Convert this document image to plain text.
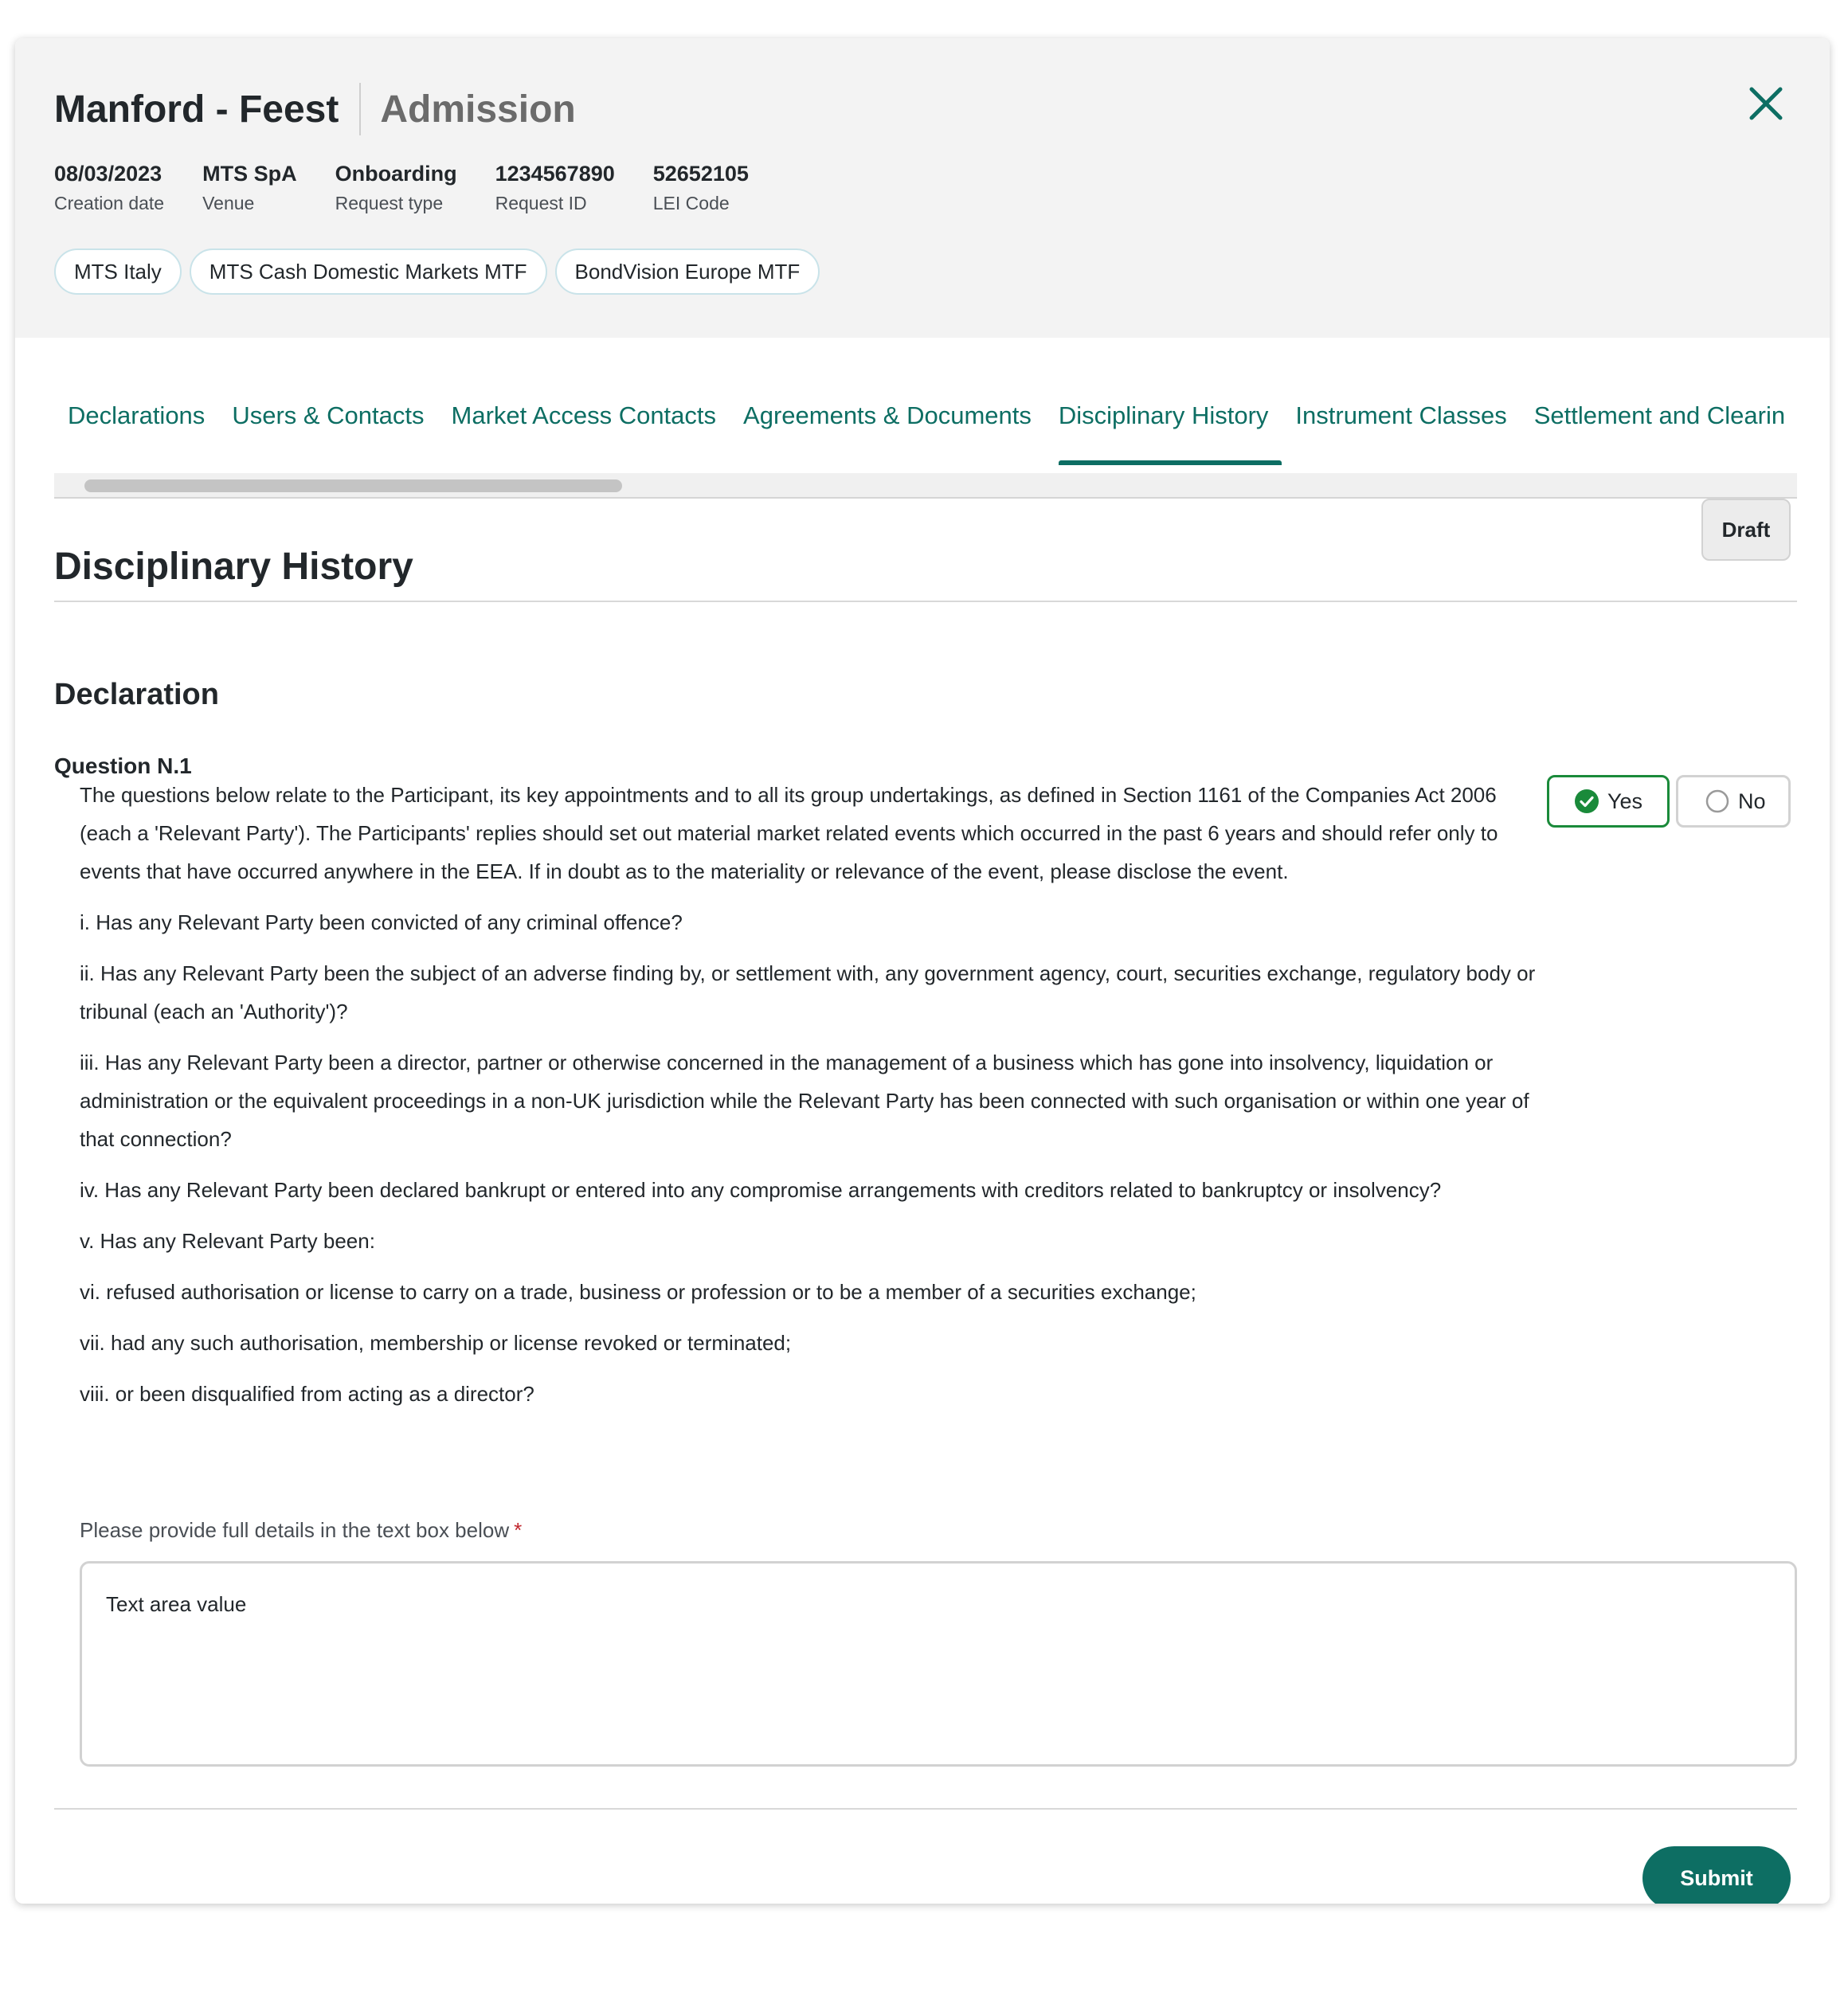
Manford - Feest Admission
08/03/2023
Creation date
MTS SpA
Venue
Onboarding
Request type
1234567890
Request ID
52652105
LEI Code
MTS Italy	MTS Cash Domestic Markets MTF	BondVision Europe MTF
Declarations	Users & Contacts	Market Access Contacts	Agreements & Documents	Disciplinary History	Instrument Classes	Settlement and Clearin
Disciplinary History
Draft
Declaration
Question N.1

The questions below relate to the Participant, its key appointments and to all its group undertakings, as defined in Section 1161 of the Companies Act 2006 (each a 'Relevant Party'). The Participants' replies should set out material market related events which occurred in the past 6 years and should refer only to events that have occurred anywhere in the EEA. If in doubt as to the materiality or relevance of the event, please disclose the event.

i. Has any Relevant Party been convicted of any criminal offence?

ii. Has any Relevant Party been the subject of an adverse finding by, or settlement with, any government agency, court, securities exchange, regulatory body or tribunal (each an 'Authority')?

iii. Has any Relevant Party been a director, partner or otherwise concerned in the management of a business which has gone into insolvency, liquidation or administration or the equivalent proceedings in a non-UK jurisdiction while the Relevant Party has been connected with such organisation or within one year of that connection?

iv. Has any Relevant Party been declared bankrupt or entered into any compromise arrangements with creditors related to bankruptcy or insolvency?

v. Has any Relevant Party been:

vi. refused authorisation or license to carry on a trade, business or profession or to be a member of a securities exchange;

vii. had any such authorisation, membership or license revoked or terminated;

viii. or been disqualified from acting as a director?

Yes	No
Please provide full details in the text box below *
Text area value
Submit
